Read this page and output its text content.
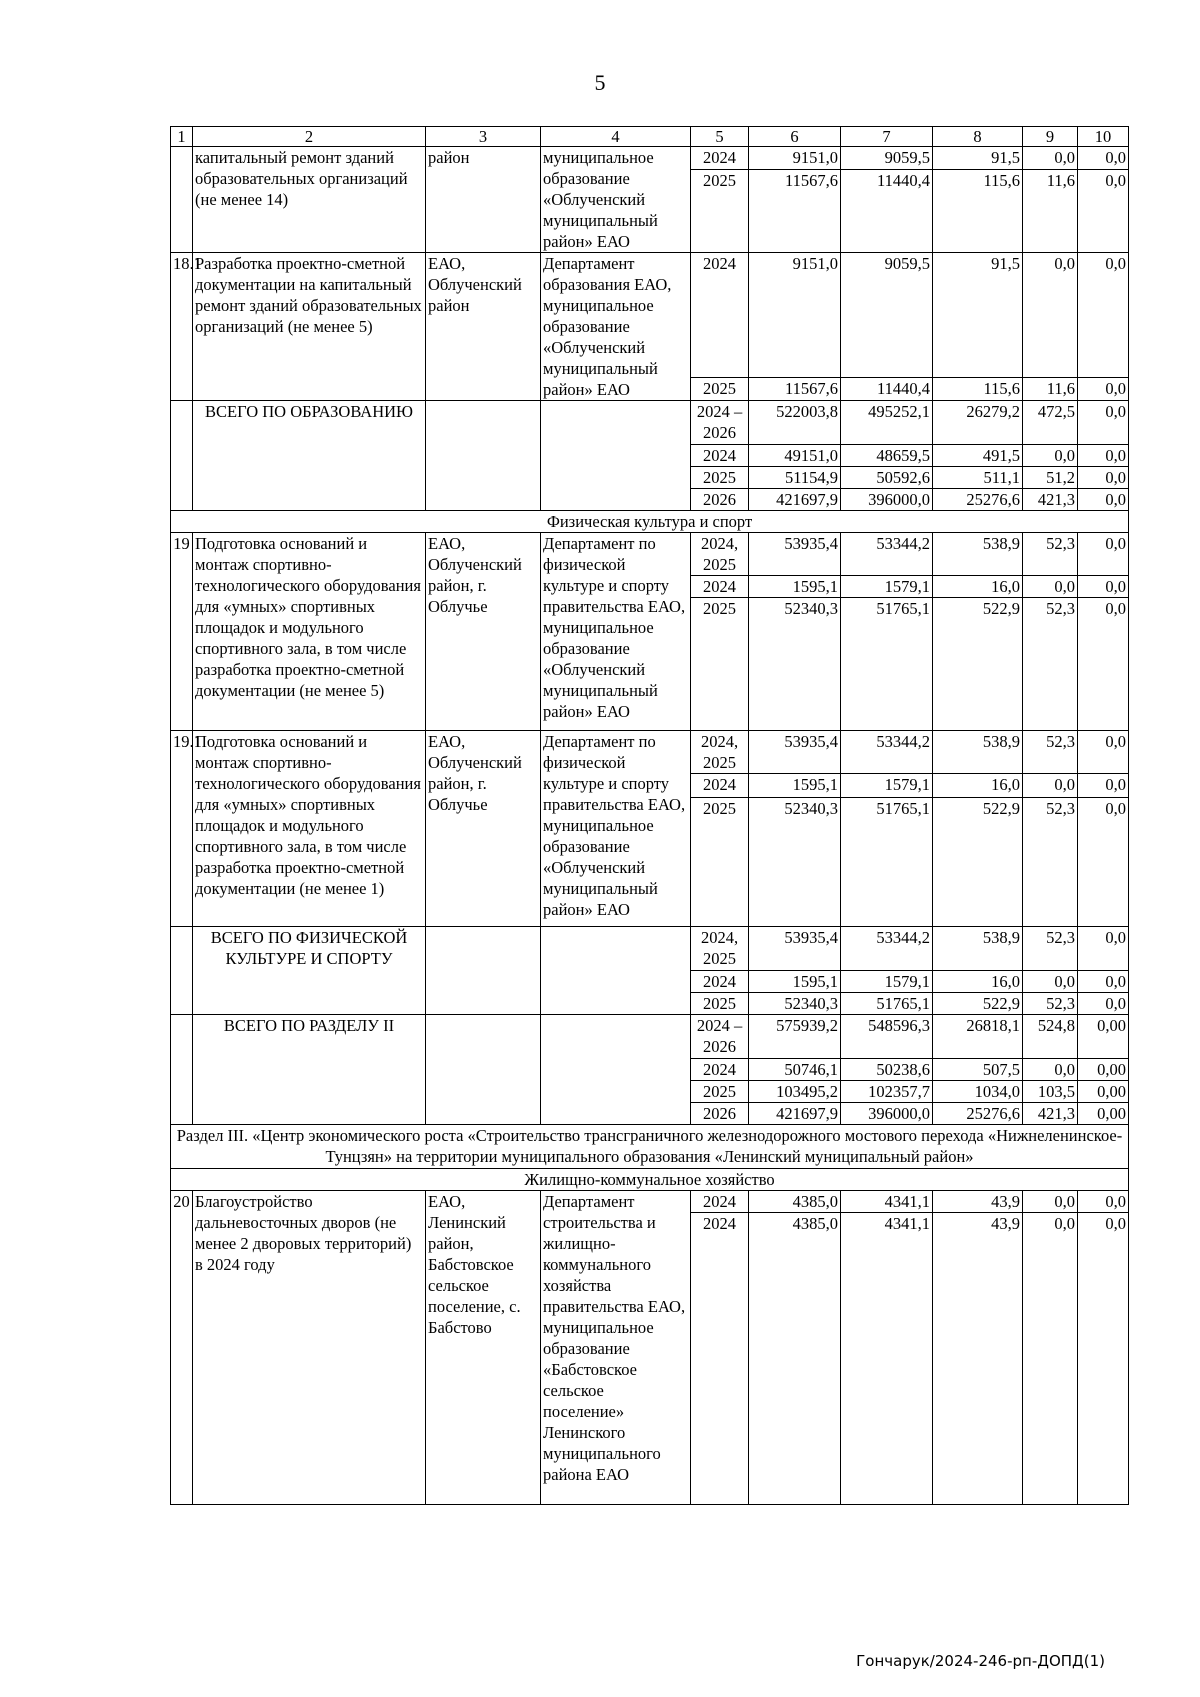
5
1	2	3	4	5	6	7	8	9	10
	капитальный ремонт зданий образовательных организаций (не менее 14)	район	муниципальное образование «Облученский муниципальный район» ЕАО	2024	9151,0	9059,5	91,5	0,0	0,0
				2025	11567,6	11440,4	115,6	11,6	0,0
18.1	Разработка проектно-сметной документации на капитальный ремонт зданий образовательных организаций (не менее 5)	ЕАО, Облученский район	Департамент образования ЕАО, муниципальное образование «Облученский муниципальный район» ЕАО	2024	9151,0	9059,5	91,5	0,0	0,0
				2025	11567,6	11440,4	115,6	11,6	0,0
	ВСЕГО ПО ОБРАЗОВАНИЮ			2024 – 2026	522003,8	495252,1	26279,2	472,5	0,0
				2024	49151,0	48659,5	491,5	0,0	0,0
				2025	51154,9	50592,6	511,1	51,2	0,0
				2026	421697,9	396000,0	25276,6	421,3	0,0
Физическая культура и спорт									
19	Подготовка оснований и монтаж спортивно-технологического оборудования для «умных» спортивных площадок и модульного спортивного зала, в том числе разработка проектно-сметной документации (не менее 5)	ЕАО, Облученский район, г. Облучье	Департамент по физической культуре и спорту правительства ЕАО, муниципальное образование «Облученский муниципальный район» ЕАО	2024, 2025	53935,4	53344,2	538,9	52,3	0,0
				2024	1595,1	1579,1	16,0	0,0	0,0
				2025	52340,3	51765,1	522,9	52,3	0,0
19.1	Подготовка оснований и монтаж спортивно-технологического оборудования для «умных» спортивных площадок и модульного спортивного зала, в том числе разработка проектно-сметной документации (не менее 1)	ЕАО, Облученский район, г. Облучье	Департамент по физической культуре и спорту правительства ЕАО, муниципальное образование «Облученский муниципальный район» ЕАО	2024, 2025	53935,4	53344,2	538,9	52,3	0,0
				2024	1595,1	1579,1	16,0	0,0	0,0
				2025	52340,3	51765,1	522,9	52,3	0,0
	ВСЕГО ПО ФИЗИЧЕСКОЙ КУЛЬТУРЕ И СПОРТУ			2024, 2025	53935,4	53344,2	538,9	52,3	0,0
				2024	1595,1	1579,1	16,0	0,0	0,0
				2025	52340,3	51765,1	522,9	52,3	0,0
	ВСЕГО ПО РАЗДЕЛУ II			2024 – 2026	575939,2	548596,3	26818,1	524,8	0,00
				2024	50746,1	50238,6	507,5	0,0	0,00
				2025	103495,2	102357,7	1034,0	103,5	0,00
				2026	421697,9	396000,0	25276,6	421,3	0,00
Раздел III. «Центр экономического роста «Строительство трансграничного железнодорожного мостового перехода «Нижнеленинское-Тунцзян» на территории муниципального образования «Ленинский муниципальный район»									
Жилищно-коммунальное хозяйство									
20	Благоустройство дальневосточных дворов (не менее 2 дворовых территорий) в 2024 году	ЕАО, Ленинский район, Бабстовское сельское поселение, с. Бабстово	Департамент строительства и жилищно-коммунального хозяйства правительства ЕАО, муниципальное образование «Бабстовское сельское поселение» Ленинского муниципального района ЕАО	2024	4385,0	4341,1	43,9	0,0	0,0
				2024	4385,0	4341,1	43,9	0,0	0,0
Гончарук/2024-246-рп-ДОПД(1)
